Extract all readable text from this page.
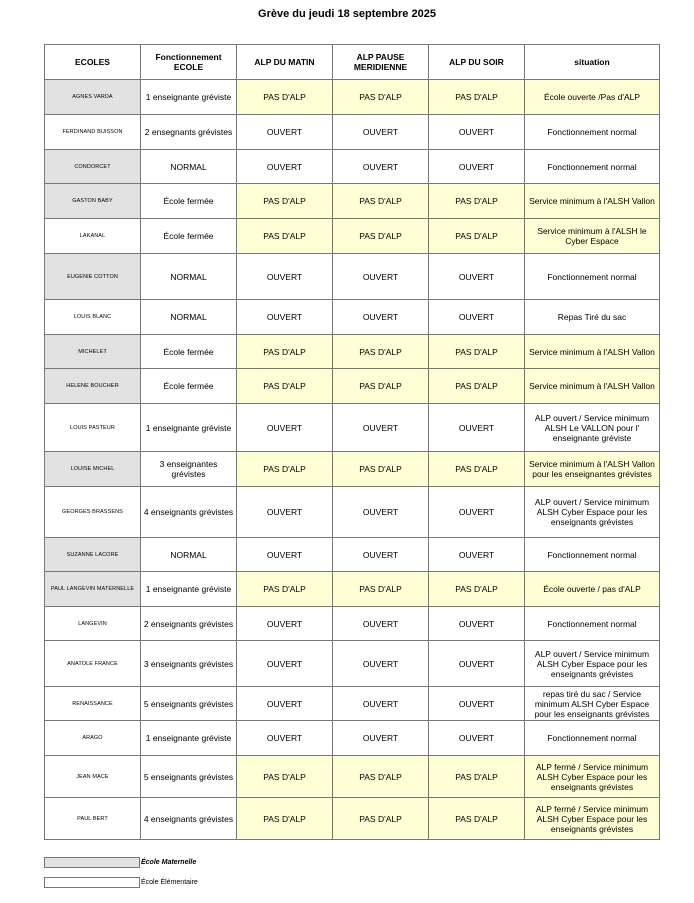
Grève du jeudi 18 septembre 2025
ECOLES	Fonctionnement ECOLE	ALP DU MATIN	ALP PAUSE MERIDIENNE	ALP DU SOIR	situation
AGNES VARDA	1 enseignante gréviste	PAS D'ALP	PAS D'ALP	PAS D'ALP	École ouverte /Pas d'ALP
FERDINAND BUISSON	2 ensegnants grévistes	OUVERT	OUVERT	OUVERT	Fonctionnement normal
CONDORCET	NORMAL	OUVERT	OUVERT	OUVERT	Fonctionnement normal
GASTON BABY	École fermée	PAS D'ALP	PAS D'ALP	PAS D'ALP	Service minimum à l'ALSH Vallon
LAKANAL	École fermée	PAS D'ALP	PAS D'ALP	PAS D'ALP	Service minimum à l'ALSH le Cyber Espace
EUGENIE COTTON	NORMAL	OUVERT	OUVERT	OUVERT	Fonctionnement normal
LOUIS BLANC	NORMAL	OUVERT	OUVERT	OUVERT	Repas Tiré du sac
MICHELET	École fermée	PAS D'ALP	PAS D'ALP	PAS D'ALP	Service minimum à l'ALSH Vallon
HELENE BOUCHER	École fermée	PAS D'ALP	PAS D'ALP	PAS D'ALP	Service minimum à l'ALSH Vallon
LOUIS PASTEUR	1 enseignante gréviste	OUVERT	OUVERT	OUVERT	ALP ouvert / Service minimum ALSH Le VALLON pour l' enseignante gréviste
LOUISE MICHEL	3 enseignantes grévistes	PAS D'ALP	PAS D'ALP	PAS D'ALP	Service minimum à l'ALSH Vallon pour les enseignantes grévistes
GEORGES BRASSENS	4 enseignants grévistes	OUVERT	OUVERT	OUVERT	ALP ouvert / Service minimum ALSH Cyber Espace pour les enseignants grévistes
SUZANNE LACORE	NORMAL	OUVERT	OUVERT	OUVERT	Fonctionnement normal
PAUL LANGEVIN MATERNELLE	1 enseignante gréviste	PAS D'ALP	PAS D'ALP	PAS D'ALP	École ouverte / pas d'ALP
LANGEVIN	2 enseignants grévistes	OUVERT	OUVERT	OUVERT	Fonctionnement normal
ANATOLE FRANCE	3 enseignants grévistes	OUVERT	OUVERT	OUVERT	ALP ouvert / Service minimum ALSH Cyber Espace pour les enseignants grévistes
RENAISSANCE	5 enseignants grévistes	OUVERT	OUVERT	OUVERT	repas tiré du sac / Service minimum ALSH Cyber Espace pour les enseignants grévistes
ARAGO	1 enseignante gréviste	OUVERT	OUVERT	OUVERT	Fonctionnement normal
JEAN MACE	5 enseignants grévistes	PAS D'ALP	PAS D'ALP	PAS D'ALP	ALP fermé / Service minimum ALSH Cyber Espace pour les enseignants grévistes
PAUL BERT	4 enseignants grévistes	PAS D'ALP	PAS D'ALP	PAS D'ALP	ALP fermé / Service minimum ALSH Cyber Espace pour les enseignants grévistes
École Maternelle
École Élémentaire
